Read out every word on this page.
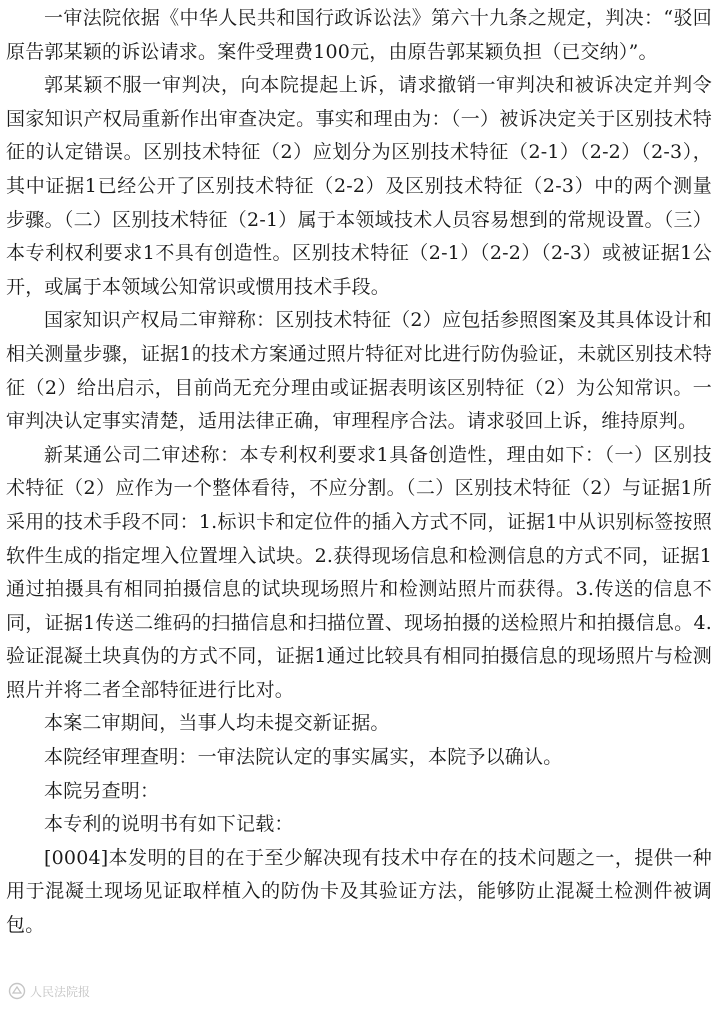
一审法院依据《中华人民共和国行政诉讼法》第六十九条之规定，判决：“驳回原告郭某颖的诉讼请求。案件受理费100元，由原告郭某颖负担（已交纳）”。

郭某颖不服一审判决，向本院提起上诉，请求撤销一审判决和被诉决定并判令国家知识产权局重新作出审查决定。事实和理由为：（一）被诉决定关于区别技术特征的认定错误。区别技术特征（2）应划分为区别技术特征（2-1）（2-2）（2-3），其中证据1已经公开了区别技术特征（2-2）及区别技术特征（2-3）中的两个测量步骤。（二）区别技术特征（2-1）属于本领域技术人员容易想到的常规设置。（三）本专利权利要求1不具有创造性。区别技术特征（2-1）（2-2）（2-3）或被证据1公开，或属于本领域公知常识或惯用技术手段。

国家知识产权局二审辩称：区别技术特征（2）应包括参照图案及其具体设计和相关测量步骤，证据1的技术方案通过照片特征对比进行防伪验证，未就区别技术特征（2）给出启示，目前尚无充分理由或证据表明该区别特征（2）为公知常识。一审判决认定事实清楚，适用法律正确，审理程序合法。请求驳回上诉，维持原判。

新某通公司二审述称：本专利权利要求1具备创造性，理由如下：（一）区别技术特征（2）应作为一个整体看待，不应分割。（二）区别技术特征（2）与证据1所采用的技术手段不同：1.标识卡和定位件的插入方式不同，证据1中从识别标签按照软件生成的指定埋入位置埋入试块。2.获得现场信息和检测信息的方式不同，证据1通过拍摄具有相同拍摄信息的试块现场照片和检测站照片而获得。3.传送的信息不同，证据1传送二维码的扫描信息和扫描位置、现场拍摄的送检照片和拍摄信息。4.验证混凝土块真伪的方式不同，证据1通过比较具有相同拍摄信息的现场照片与检测照片并将二者全部特征进行比对。

本案二审期间，当事人均未提交新证据。

本院经审理查明：一审法院认定的事实属实，本院予以确认。

本院另查明：

本专利的说明书有如下记载：

[0004]本发明的目的在于至少解决现有技术中存在的技术问题之一，提供一种用于混凝土现场见证取样植入的防伪卡及其验证方法，能够防止混凝土检测件被调包。

人民法院报
